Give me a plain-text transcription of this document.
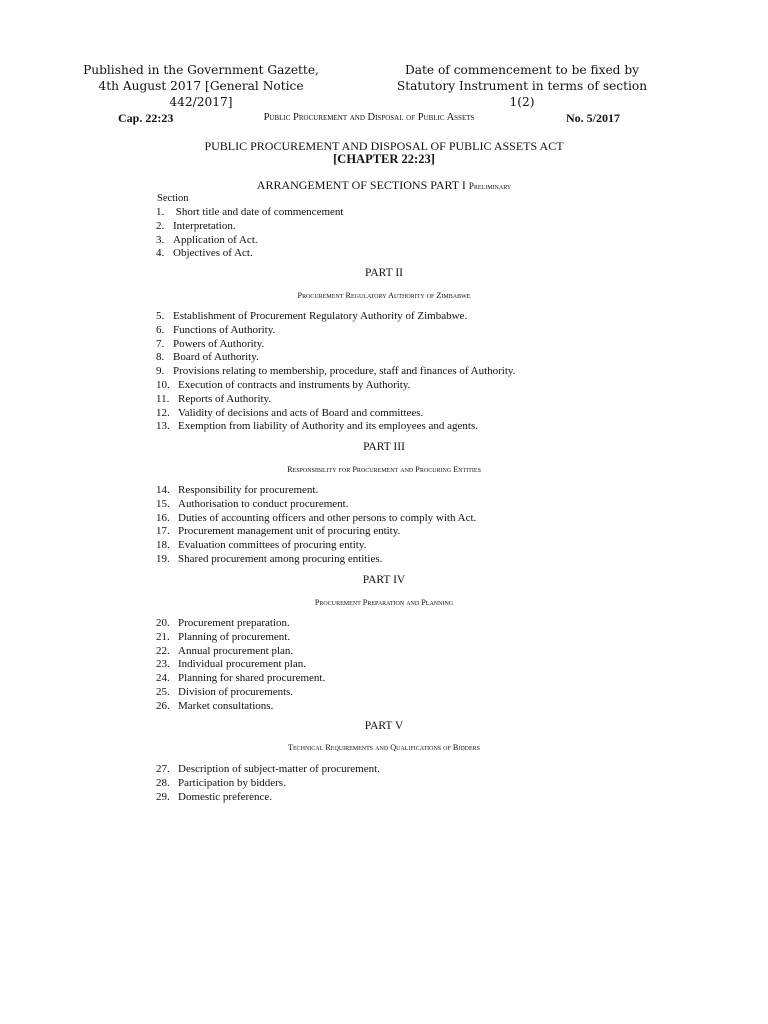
Published in the Government Gazette,
4th August 2017 [General Notice 442/2017]
Date of commencement to be fixed by
Statutory Instrument in terms of section 1(2)
Public Procurement and Disposal of Public Assets
Cap. 22:23	No. 5/2017
PUBLIC PROCUREMENT AND DISPOSAL OF PUBLIC ASSETS ACT
[CHAPTER 22:23]
ARRANGEMENT OF SECTIONS PART I Preliminary
Section
1. Short title and date of commencement
2. Interpretation.
3. Application of Act.
4. Objectives of Act.
PART II
Procurement Regulatory Authority of Zimbabwe
5. Establishment of Procurement Regulatory Authority of Zimbabwe.
6. Functions of Authority.
7. Powers of Authority.
8. Board of Authority.
9. Provisions relating to membership, procedure, staff and finances of Authority.
10. Execution of contracts and instruments by Authority.
11. Reports of Authority.
12. Validity of decisions and acts of Board and committees.
13. Exemption from liability of Authority and its employees and agents.
PART III
Responsibility for Procurement and Procuring Entities
14. Responsibility for procurement.
15. Authorisation to conduct procurement.
16. Duties of accounting officers and other persons to comply with Act.
17. Procurement management unit of procuring entity.
18. Evaluation committees of procuring entity.
19. Shared procurement among procuring entities.
PART IV
Procurement Preparation and Planning
20. Procurement preparation.
21. Planning of procurement.
22. Annual procurement plan.
23. Individual procurement plan.
24. Planning for shared procurement.
25. Division of procurements.
26. Market consultations.
PART V
Technical Requirements and Qualifications of Bidders
27. Description of subject-matter of procurement.
28. Participation by bidders.
29. Domestic preference.
